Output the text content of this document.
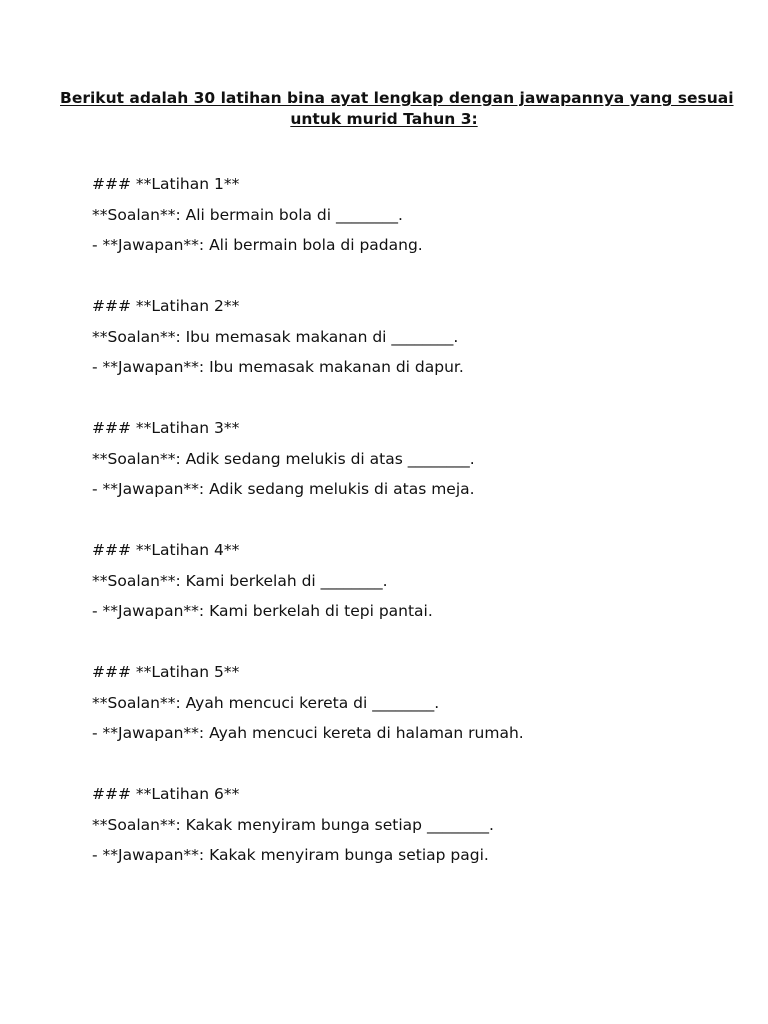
Berikut adalah 30 latihan bina ayat lengkap dengan jawapannya yang sesuai
untuk murid Tahun 3:
### **Latihan 1**
**Soalan**: Ali bermain bola di ________.
- **Jawapan**: Ali bermain bola di padang.
### **Latihan 2**
**Soalan**: Ibu memasak makanan di ________.
- **Jawapan**: Ibu memasak makanan di dapur.
### **Latihan 3**
**Soalan**: Adik sedang melukis di atas ________.
- **Jawapan**: Adik sedang melukis di atas meja.
### **Latihan 4**
**Soalan**: Kami berkelah di ________.
- **Jawapan**: Kami berkelah di tepi pantai.
### **Latihan 5**
**Soalan**: Ayah mencuci kereta di ________.
- **Jawapan**: Ayah mencuci kereta di halaman rumah.
### **Latihan 6**
**Soalan**: Kakak menyiram bunga setiap ________.
- **Jawapan**: Kakak menyiram bunga setiap pagi.
